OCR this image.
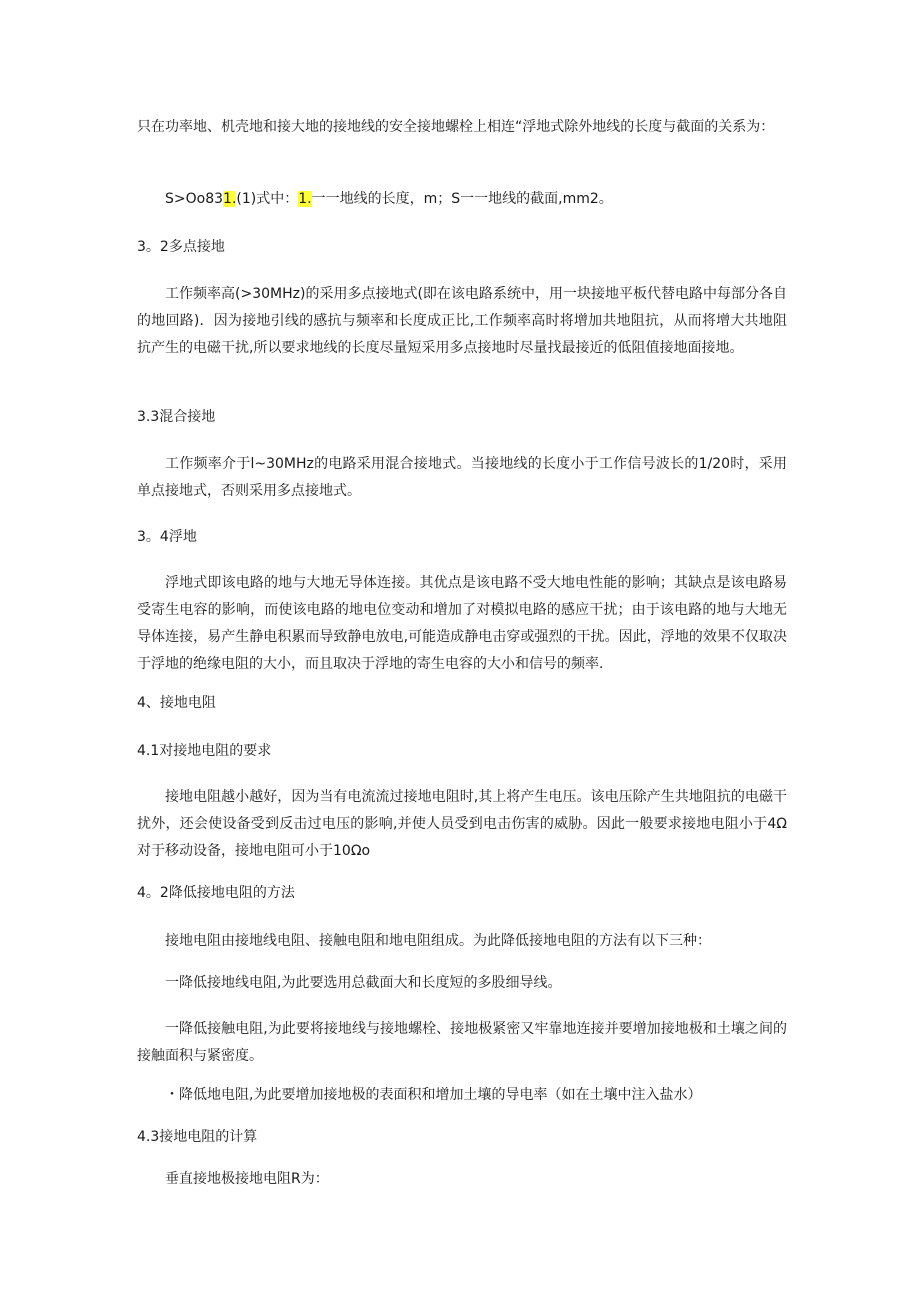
只在功率地、机壳地和接大地的接地线的安全接地螺栓上相连“浮地式除外地线的长度与截面的关系为：

S>Oo831.(1)式中：1.一一地线的长度，m；S一一地线的截面,mm2。

3。2多点接地

工作频率高(>30MHz)的采用多点接地式(即在该电路系统中，用一块接地平板代替电路中每部分各自的地回路)．因为接地引线的感抗与频率和长度成正比,工作频率高时将增加共地阻抗，从而将增大共地阻抗产生的电磁干扰,所以要求地线的长度尽量短采用多点接地时尽量找最接近的低阻值接地面接地。

3.3混合接地

工作频率介于l~30MHz的电路采用混合接地式。当接地线的长度小于工作信号波长的1/20时，采用单点接地式，否则采用多点接地式。

3。4浮地

浮地式即该电路的地与大地无导体连接。其优点是该电路不受大地电性能的影响；其缺点是该电路易受寄生电容的影响，而使该电路的地电位变动和增加了对模拟电路的感应干扰；由于该电路的地与大地无导体连接，易产生静电积累而导致静电放电,可能造成静电击穿或强烈的干扰。因此，浮地的效果不仅取决于浮地的绝缘电阻的大小，而且取决于浮地的寄生电容的大小和信号的频率.

4、接地电阻

4.1对接地电阻的要求

接地电阻越小越好，因为当有电流流过接地电阻时,其上将产生电压。该电压除产生共地阻抗的电磁干扰外，还会使设备受到反击过电压的影响,并使人员受到电击伤害的威胁。因此一般要求接地电阻小于4Ω对于移动设备，接地电阻可小于10Ωo

4。2降低接地电阻的方法

接地电阻由接地线电阻、接触电阻和地电阻组成。为此降低接地电阻的方法有以下三种：

一降低接地线电阻,为此要选用总截面大和长度短的多股细导线。

一降低接触电阻,为此要将接地线与接地螺栓、接地极紧密又牢靠地连接并要增加接地极和土壤之间的接触面积与紧密度。

・降低地电阻,为此要增加接地极的表面积和增加土壤的导电率（如在土壤中注入盐水）

4.3接地电阻的计算

垂直接地极接地电阻R为：
